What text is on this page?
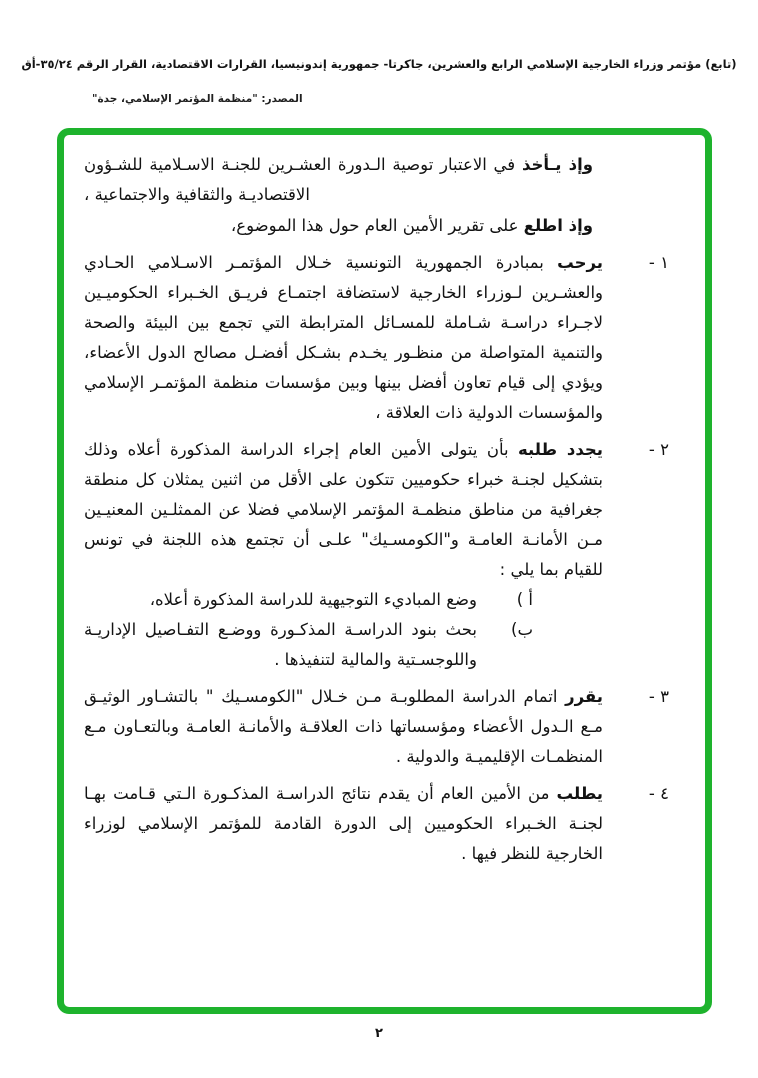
(تابع) مؤتمر وزراء الخارجية الإسلامي الرابع والعشرين، جاكرتا- جمهورية إندونيسيا، القرارات الاقتصادية، القرار الرقم ٣٥/٢٤-أق
المصدر: "منظمة المؤتمر الإسلامي، جدة"

وإذ يـأخذ في الاعتبار توصية الـدورة العشـرين للجنـة الاسـلامية للشـؤون الاقتصاديـة والثقافية والاجتماعية ،

وإذ اطلع على تقرير الأمين العام حول هذا الموضوع،

١ -

يرحب بمبادرة الجمهورية التونسية خـلال المؤتمـر الاسـلامي الحـادي والعشـرين لـوزراء الخارجية لاستضافة اجتمـاع فريـق الخـبراء الحكوميـين لاجـراء دراسـة شـاملة للمسـائل المترابطة التي تجمع بين البيئة والصحة والتنمية المتواصلة من منظـور يخـدم بشـكل أفضـل مصالح الدول الأعضاء، ويؤدي إلى قيام تعاون أفضل بينها وبين مؤسسات منظمة المؤتمـر الإسلامي والمؤسسات الدولية ذات العلاقة ،

٢ -

يجدد طلبه بأن يتولى الأمين العام إجراء الدراسة المذكورة أعلاه وذلك بتشكيل لجنـة خبراء حكوميين تتكون على الأقل من اثنين يمثلان كل منطقة جغرافية من مناطق منظمـة المؤتمر الإسلامي فضلا عن الممثلـين المعنيـين مـن الأمانـة العامـة و"الكومسـيك" علـى أن تجتمع هذه اللجنة في تونس للقيام بما يلي :

أ )

وضع المباديء التوجيهية للدراسة المذكورة أعلاه،

ب)

بحث بنود الدراسـة المذكـورة ووضـع التفـاصيل الإداريـة واللوجسـتية والمالية لتنفيذها .

٣ -

يقرر اتمام الدراسة المطلوبـة مـن خـلال "الكومسـيك " بالتشـاور الوثيـق مـع الـدول الأعضاء ومؤسساتها ذات العلاقـة والأمانـة العامـة وبالتعـاون مـع المنظمـات الإقليميـة والدولية .

٤ -

يطلب من الأمين العام أن يقدم نتائج الدراسـة المذكـورة الـتي قـامت بهـا لجنـة الخـبراء الحكوميين إلى الدورة القادمة للمؤتمر الإسلامي لوزراء الخارجية للنظر فيها .

٢
